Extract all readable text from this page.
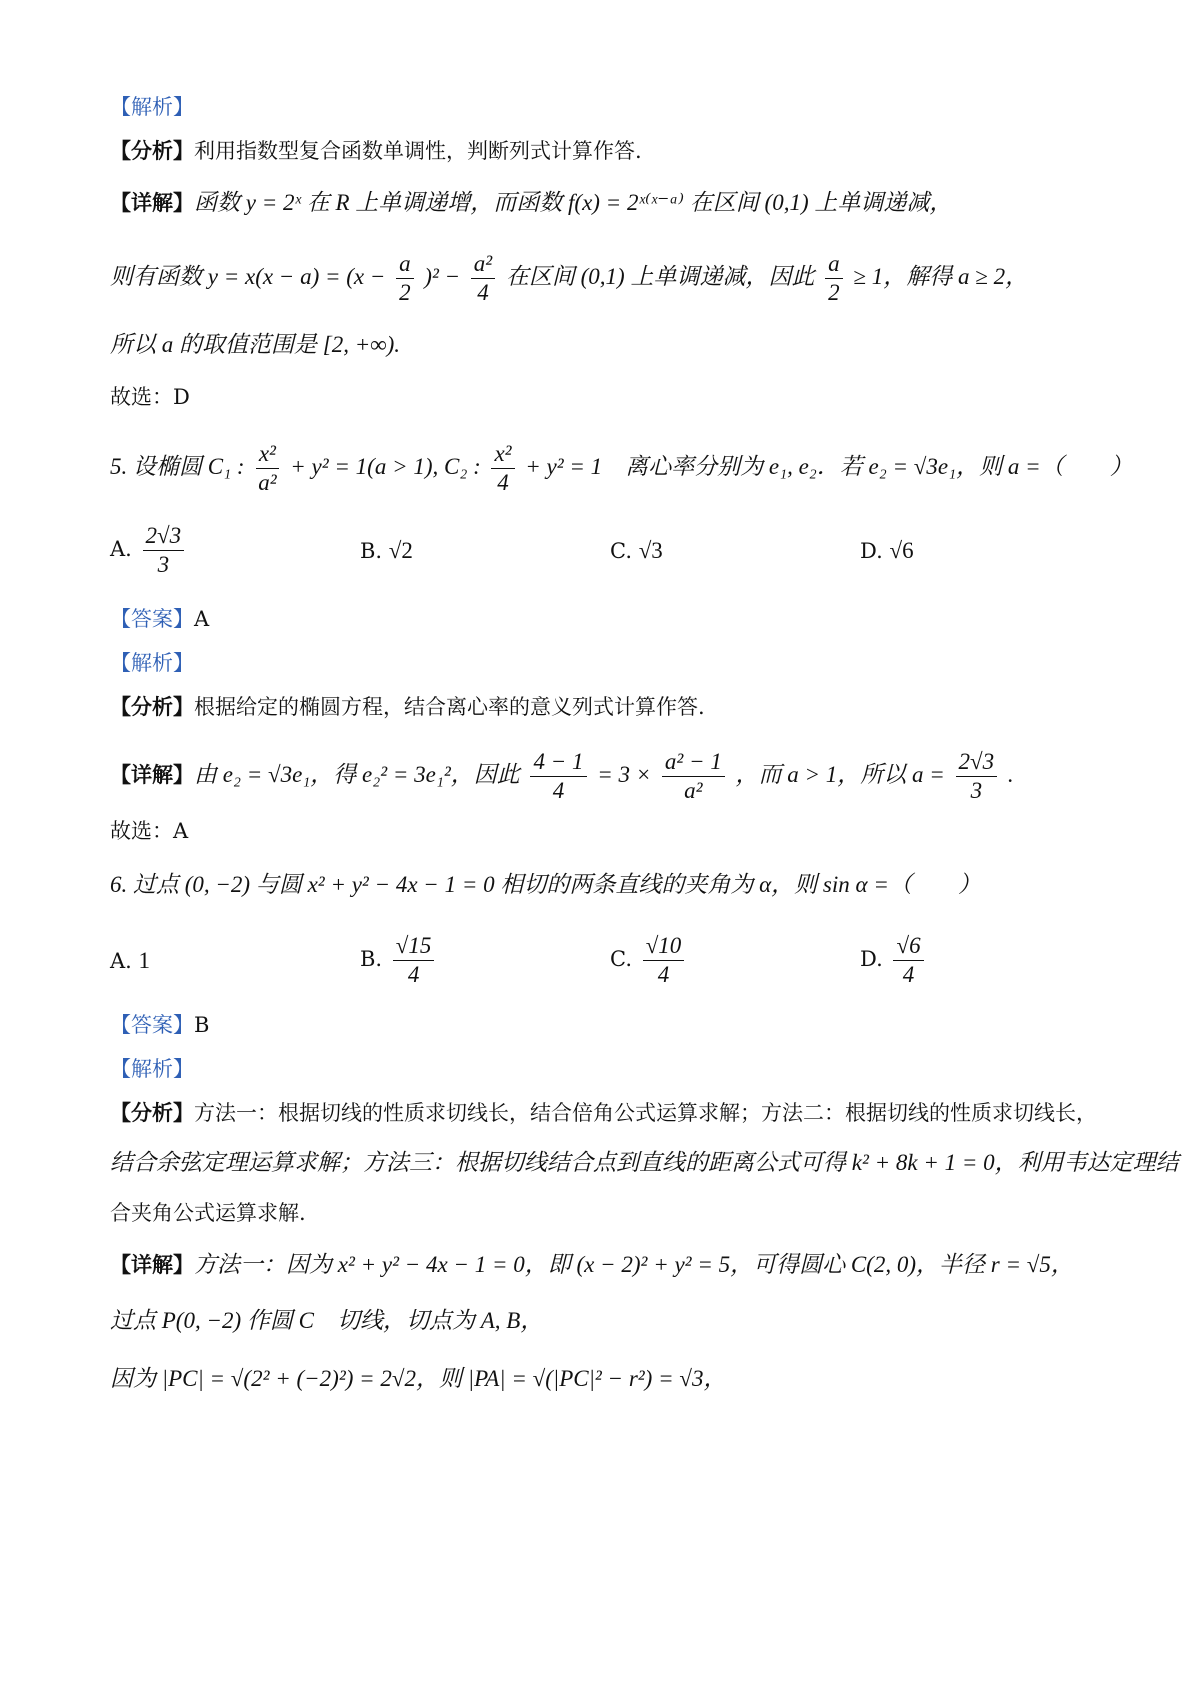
【解析】
【分析】利用指数型复合函数单调性，判断列式计算作答.
【详解】函数 y = 2ˣ 在 R 上单调递增，而函数 f(x) = 2ˣ⁽ˣ⁻ᵃ⁾ 在区间 (0,1) 上单调递减，
则有函数 $y = x(x - a) = (x - \frac{a}{2} )^2 - \frac{\text{a²}}{4}$ 在区间 (0,1) 上单调递减，因此 $\frac{a}{2} \ge 1$，解得 a ≥ 2，
所以 a 的取值范围是 [2, +∞).
故选：D
5. 设椭圆 C₁ : $\frac{\text{x²}}{\text{a²}} + y^2 = 1(a > 1)$, C₂ : $\frac{\text{x²}}{4} + y^2 = 1$　离心率分别为 e₁, e₂．若 e₂ = √3e₁，则 a =（　　）
A. $\frac{2√3}{3}$	B. √2	C. √3	D. √6
【答案】A
【解析】
【分析】根据给定的椭圆方程，结合离心率的意义列式计算作答.
【详解】由 e₂ = √3e₁，得 e₂² = 3e₁²，因此 $\frac{4 - 1}{4} = 3 \times \frac{\text{a² − 1}}{\text{a²}}$ ，而 a > 1，所以 $a = \frac{2√3}{3}$ .
故选：A
6. 过点 (0, −2) 与圆 x² + y² − 4x − 1 = 0 相切的两条直线的夹角为 α，则 sin α =（　　）
A. 1	B. $\frac{√15}{4}$	C. $\frac{√10}{4}$	D. $\frac{√6}{4}$
【答案】B
【解析】
【分析】方法一：根据切线的性质求切线长，结合倍角公式运算求解；方法二：根据切线的性质求切线长，
结合余弦定理运算求解；方法三：根据切线结合点到直线的距离公式可得 k² + 8k + 1 = 0，利用韦达定理结
合夹角公式运算求解.
【详解】方法一：因为 x² + y² − 4x − 1 = 0，即 (x − 2)² + y² = 5，可得圆心 C(2, 0)，半径 r = √5，
过点 P(0, −2) 作圆 C　切线，切点为 A, B，
因为 |PC| = √(2² + (−2)²) = 2√2，则 |PA| = √(|PC|² − r²) = √3，
